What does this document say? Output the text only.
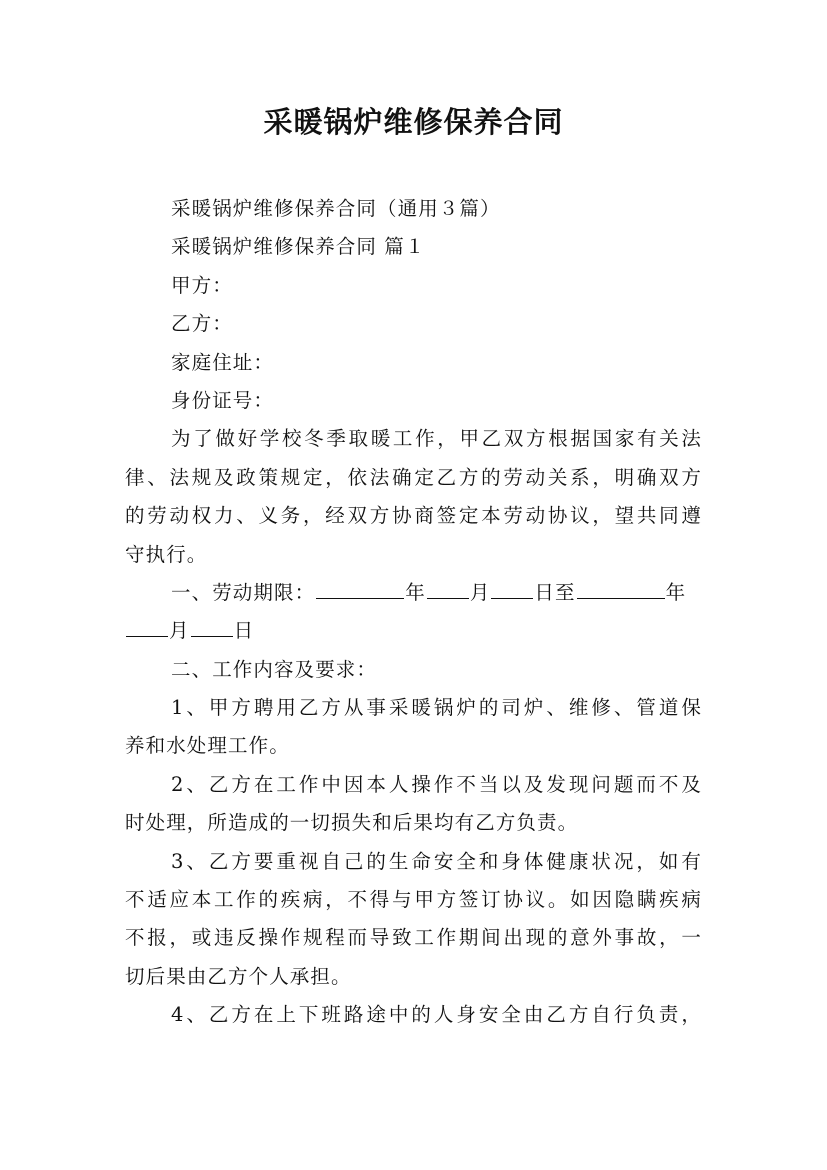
采暖锅炉维修保养合同
采暖锅炉维修保养合同（通用３篇）
采暖锅炉维修保养合同 篇１
甲方：
乙方：
家庭住址：
身份证号：
为了做好学校冬季取暖工作，甲乙双方根据国家有关法
律、法规及政策规定，依法确定乙方的劳动关系，明确双方
的劳动权力、义务，经双方协商签定本劳动协议，望共同遵
守执行。
一、劳动期限：	年 月 日至	年
月 日
二、工作内容及要求：
1、甲方聘用乙方从事采暖锅炉的司炉、维修、管道保
养和水处理工作。
2、乙方在工作中因本人操作不当以及发现问题而不及
时处理，所造成的一切损失和后果均有乙方负责。
3、乙方要重视自己的生命安全和身体健康状况，如有
不适应本工作的疾病，不得与甲方签订协议。如因隐瞒疾病
不报，或违反操作规程而导致工作期间出现的意外事故，一
切后果由乙方个人承担。
4、乙方在上下班路途中的人身安全由乙方自行负责，
